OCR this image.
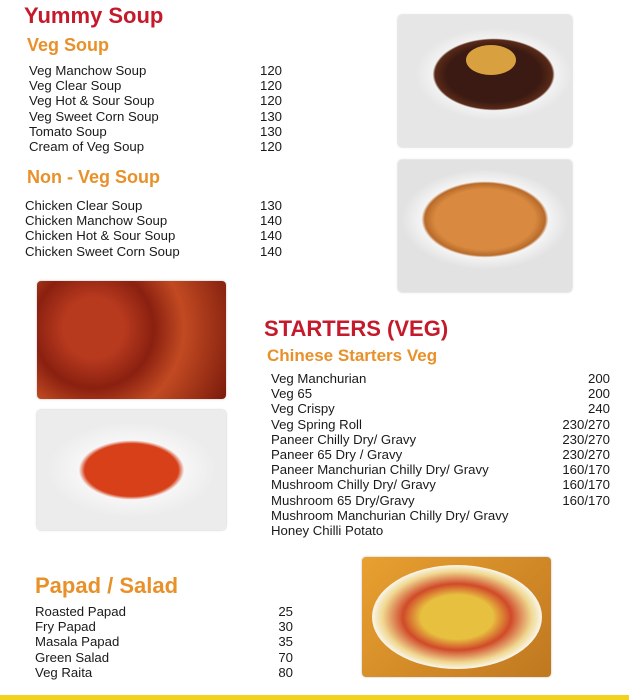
Yummy Soup
Veg Soup
Veg Manchow Soup	120
Veg Clear Soup	120
Veg Hot & Sour Soup	120
Veg Sweet Corn Soup	130
Tomato Soup	130
Cream of Veg Soup	120
Non - Veg Soup
Chicken Clear Soup	130
Chicken Manchow Soup	140
Chicken Hot & Sour Soup	140
Chicken Sweet Corn Soup	140
STARTERS (VEG)
Chinese Starters Veg
Veg Manchurian	200
Veg 65	200
Veg Crispy	240
Veg Spring Roll	230/270
Paneer Chilly Dry/ Gravy	230/270
Paneer 65 Dry / Gravy	230/270
Paneer Manchurian Chilly Dry/ Gravy	160/170
Mushroom Chilly Dry/ Gravy	160/170
Mushroom 65 Dry/Gravy	160/170
Mushroom Manchurian Chilly Dry/ Gravy
Honey Chilli Potato
Papad / Salad
Roasted Papad	25
Fry Papad	30
Masala Papad	35
Green Salad	70
Veg Raita	80
